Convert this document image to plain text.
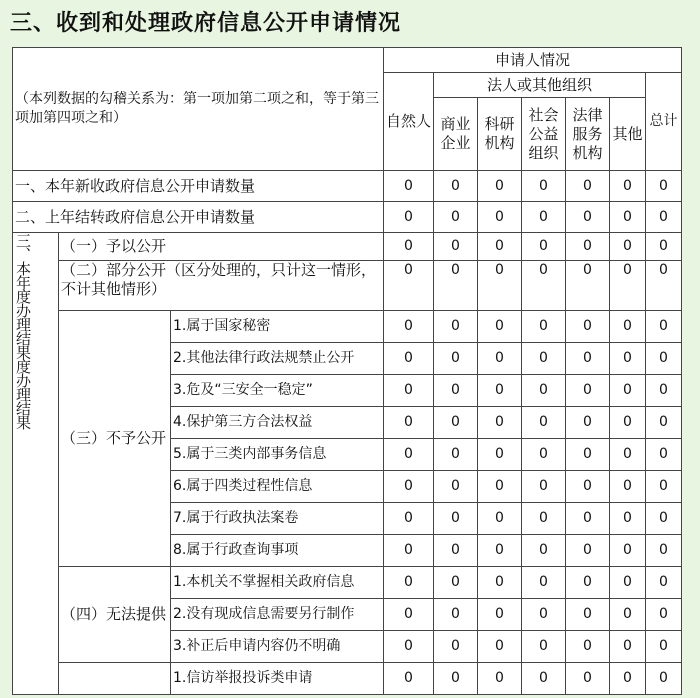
三、收到和处理政府信息公开申请情况
（本列数据的勾稽关系为：第一项加第二项之和，等于第三项加第四项之和）			申请人情况						
			自然人	法人或其他组织					总计
				商业企业	科研机构	社会公益组织	法律服务机构	其他	
一、本年新收政府信息公开申请数量			0	0	0	0	0	0	0
二、上年结转政府信息公开申请数量			0	0	0	0	0	0	0
三、本年度办理结果度办理结果	（一）予以公开		0	0	0	0	0	0	0
	（二）部分公开（区分处理的，只计这一情形，不计其他情形）		0	0	0	0	0	0	0
	（三）不予公开	1.属于国家秘密	0	0	0	0	0	0	0
		2.其他法律行政法规禁止公开	0	0	0	0	0	0	0
		3.危及“三安全一稳定”	0	0	0	0	0	0	0
		4.保护第三方合法权益	0	0	0	0	0	0	0
		5.属于三类内部事务信息	0	0	0	0	0	0	0
		6.属于四类过程性信息	0	0	0	0	0	0	0
		7.属于行政执法案卷	0	0	0	0	0	0	0
		8.属于行政查询事项	0	0	0	0	0	0	0
	（四）无法提供	1.本机关不掌握相关政府信息	0	0	0	0	0	0	0
		2.没有现成信息需要另行制作	0	0	0	0	0	0	0
		3.补正后申请内容仍不明确	0	0	0	0	0	0	0
		1.信访举报投诉类申请	0	0	0	0	0	0	0
